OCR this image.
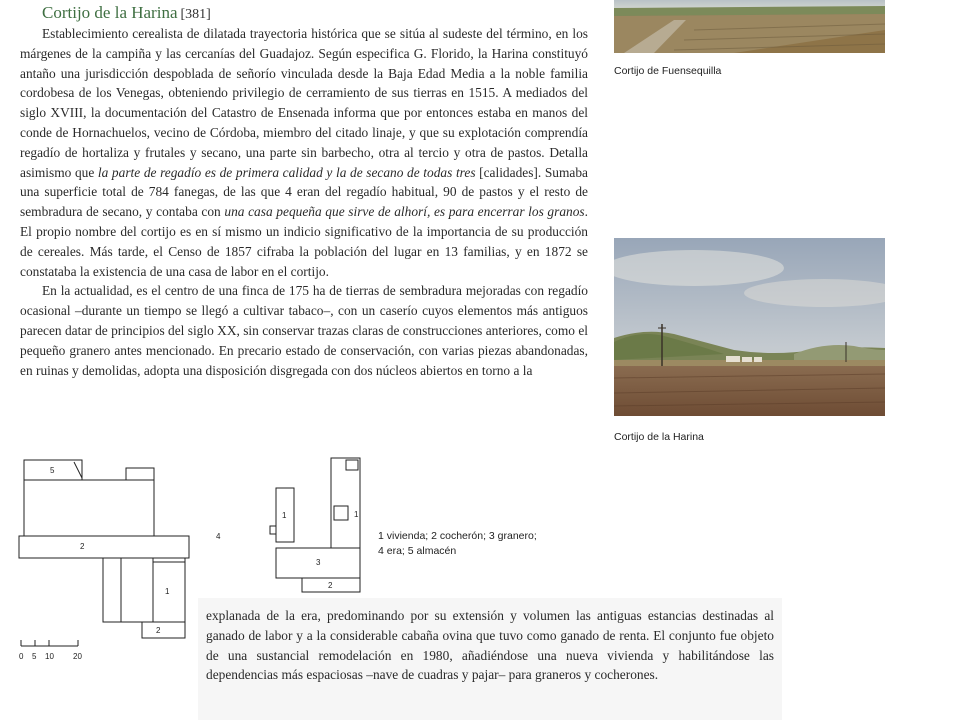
Cortijo de la Harina [381]

Establecimiento cerealista de dilatada trayectoria histórica que se sitúa al sudeste del término, en los márgenes de la campiña y las cercanías del Guadajoz. Según especifica G. Florido, la Harina constituyó antaño una jurisdicción despoblada de señorío vinculada desde la Baja Edad Media a la noble familia cordobesa de los Venegas, obteniendo privilegio de cerramiento de sus tierras en 1515. A mediados del siglo XVIII, la documentación del Catastro de Ensenada informa que por entonces estaba en manos del conde de Hornachuelos, vecino de Córdoba, miembro del citado linaje, y que su explotación comprendía regadío de hortaliza y frutales y secano, una parte sin barbecho, otra al tercio y otra de pastos. Detalla asimismo que la parte de regadío es de primera calidad y la de secano de todas tres [calidades]. Sumaba una superficie total de 784 fanegas, de las que 4 eran del regadío habitual, 90 de pastos y el resto de sembradura de secano, y contaba con una casa pequeña que sirve de alhorí, es para encerrar los granos. El propio nombre del cortijo es en sí mismo un indicio significativo de la importancia de su producción de cereales. Más tarde, el Censo de 1857 cifraba la población del lugar en 13 familias, y en 1872 se constataba la existencia de una casa de labor en el cortijo.

En la actualidad, es el centro de una finca de 175 ha de tierras de sembradura mejoradas con regadío ocasional –durante un tiempo se llegó a cultivar tabaco–, con un caserío cuyos elementos más antiguos parecen datar de principios del siglo XX, sin conservar trazas claras de construcciones anteriores, como el pequeño granero antes mencionado. En precario estado de conservación, con varias piezas abandonadas, en ruinas y demolidas, adopta una disposición disgregada con dos núcleos abiertos en torno a la

Cortijo de Fuensequilla
Cortijo de la Harina
5
2
1
2
4
1	1
3
2
0 5 10 20
1 vivienda; 2 cocherón; 3 granero;
4 era; 5 almacén

explanada de la era, predominando por su extensión y volumen las antiguas estancias destinadas al ganado de labor y a la considerable cabaña ovina que tuvo como ganado de renta. El conjunto fue objeto de una sustancial remodelación en 1980, añadiéndose una nueva vivienda y habilitándose las dependencias más espaciosas –nave de cuadras y pajar– para graneros y cocherones.
